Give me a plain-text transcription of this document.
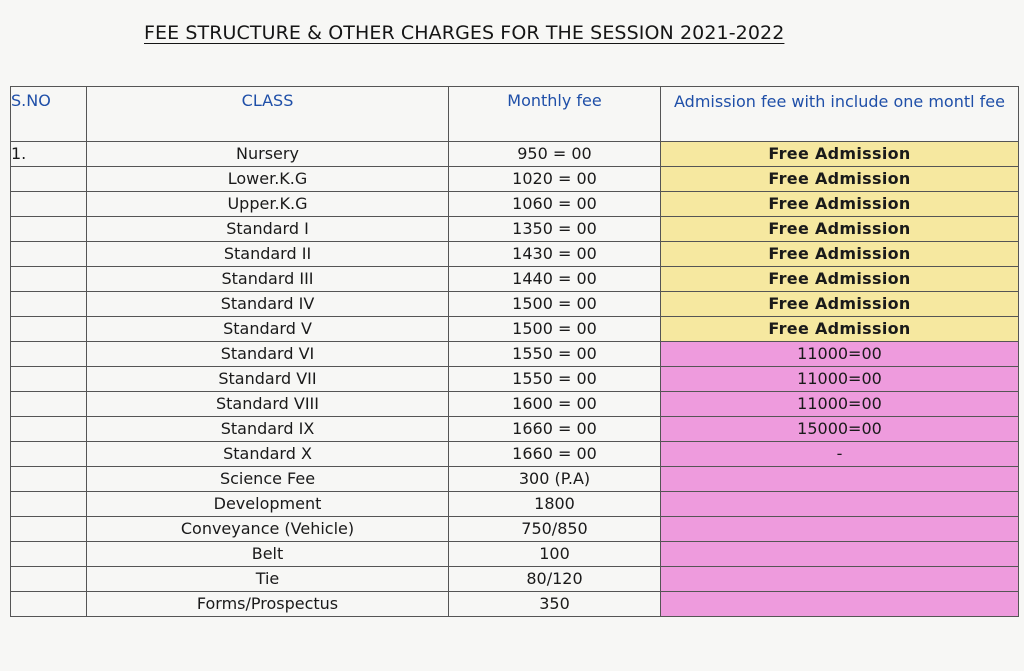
FEE STRUCTURE & OTHER CHARGES FOR THE SESSION 2021-2022
S.NO	CLASS	Monthly fee	Admission fee with include one montl fee
1.	Nursery	950 = 00	Free Admission
	Lower.K.G	1020 = 00	Free Admission
	Upper.K.G	1060 = 00	Free Admission
	Standard I	1350 = 00	Free Admission
	Standard II	1430 = 00	Free Admission
	Standard III	1440 = 00	Free Admission
	Standard IV	1500 = 00	Free Admission
	Standard V	1500 = 00	Free Admission
	Standard VI	1550 = 00	11000=00
	Standard VII	1550 = 00	11000=00
	Standard VIII	1600 = 00	11000=00
	Standard IX	1660 = 00	15000=00
	Standard X	1660 = 00	-
	Science Fee	300 (P.A)	
	Development	1800	
	Conveyance (Vehicle)	750/850	
	Belt	100	
	Tie	80/120	
	Forms/Prospectus	350	
